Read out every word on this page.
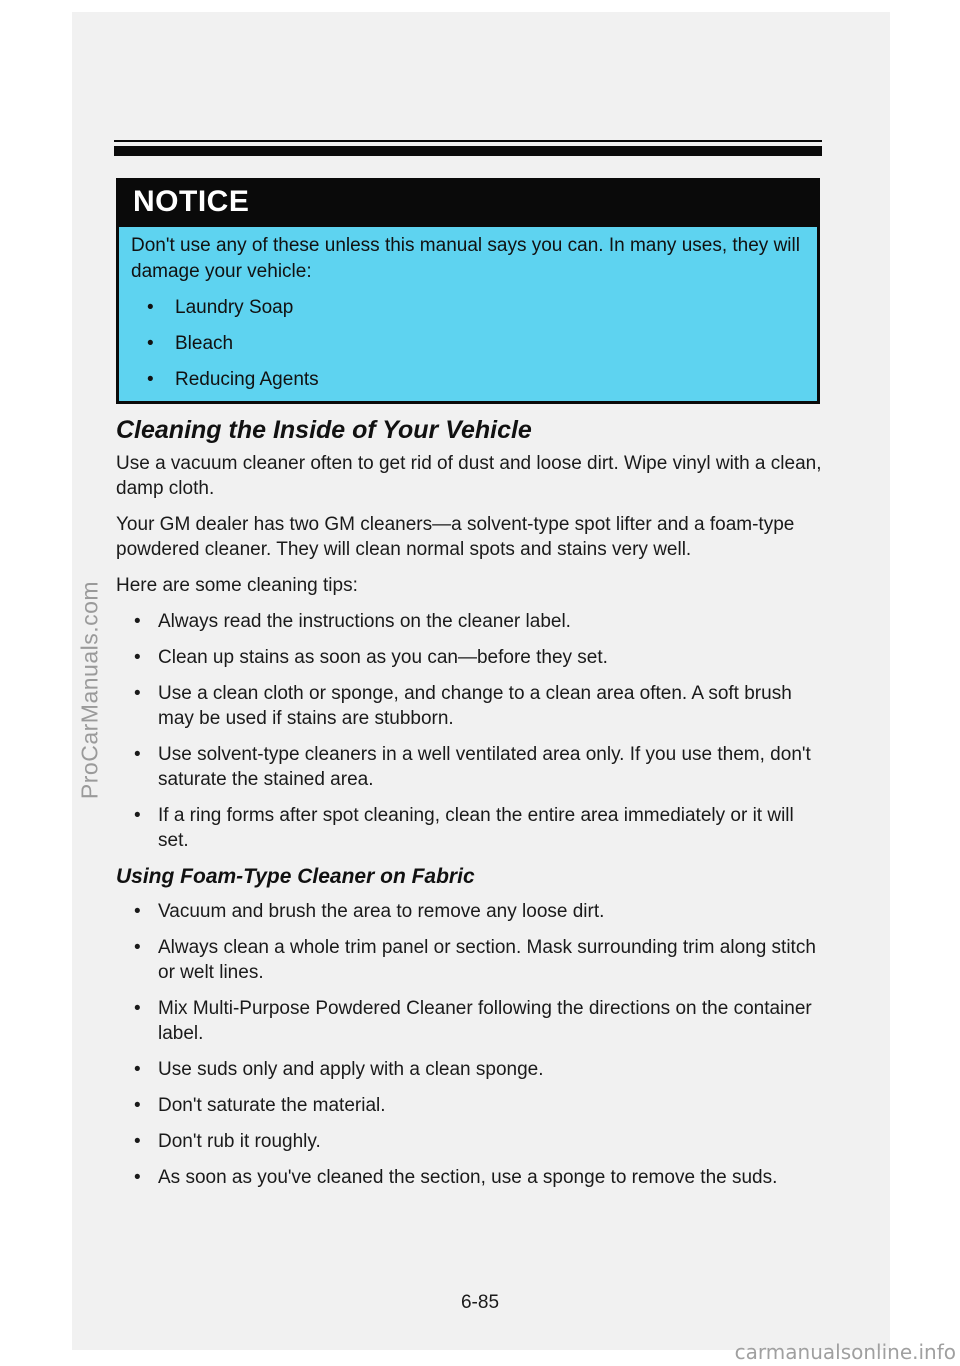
NOTICE

Don't use any of these unless this manual says you can. In many uses, they will damage your vehicle:

• Laundry Soap
• Bleach
• Reducing Agents
Cleaning the Inside of Your Vehicle

Use a vacuum cleaner often to get rid of dust and loose dirt. Wipe vinyl with a clean, damp cloth.

Your GM dealer has two GM cleaners—a solvent-type spot lifter and a foam-type powdered cleaner. They will clean normal spots and stains very well.

Here are some cleaning tips:

• Always read the instructions on the cleaner label.
• Clean up stains as soon as you can—before they set.
• Use a clean cloth or sponge, and change to a clean area often. A soft brush may be used if stains are stubborn.
• Use solvent-type cleaners in a well ventilated area only. If you use them, don't saturate the stained area.
• If a ring forms after spot cleaning, clean the entire area immediately or it will set.
Using Foam-Type Cleaner on Fabric
• Vacuum and brush the area to remove any loose dirt.
• Always clean a whole trim panel or section. Mask surrounding trim along stitch or welt lines.
• Mix Multi-Purpose Powdered Cleaner following the directions on the container label.
• Use suds only and apply with a clean sponge.
• Don't saturate the material.
• Don't rub it roughly.
• As soon as you've cleaned the section, use a sponge to remove the suds.
6-85
ProCarManuals.com
carmanualsonline.info
